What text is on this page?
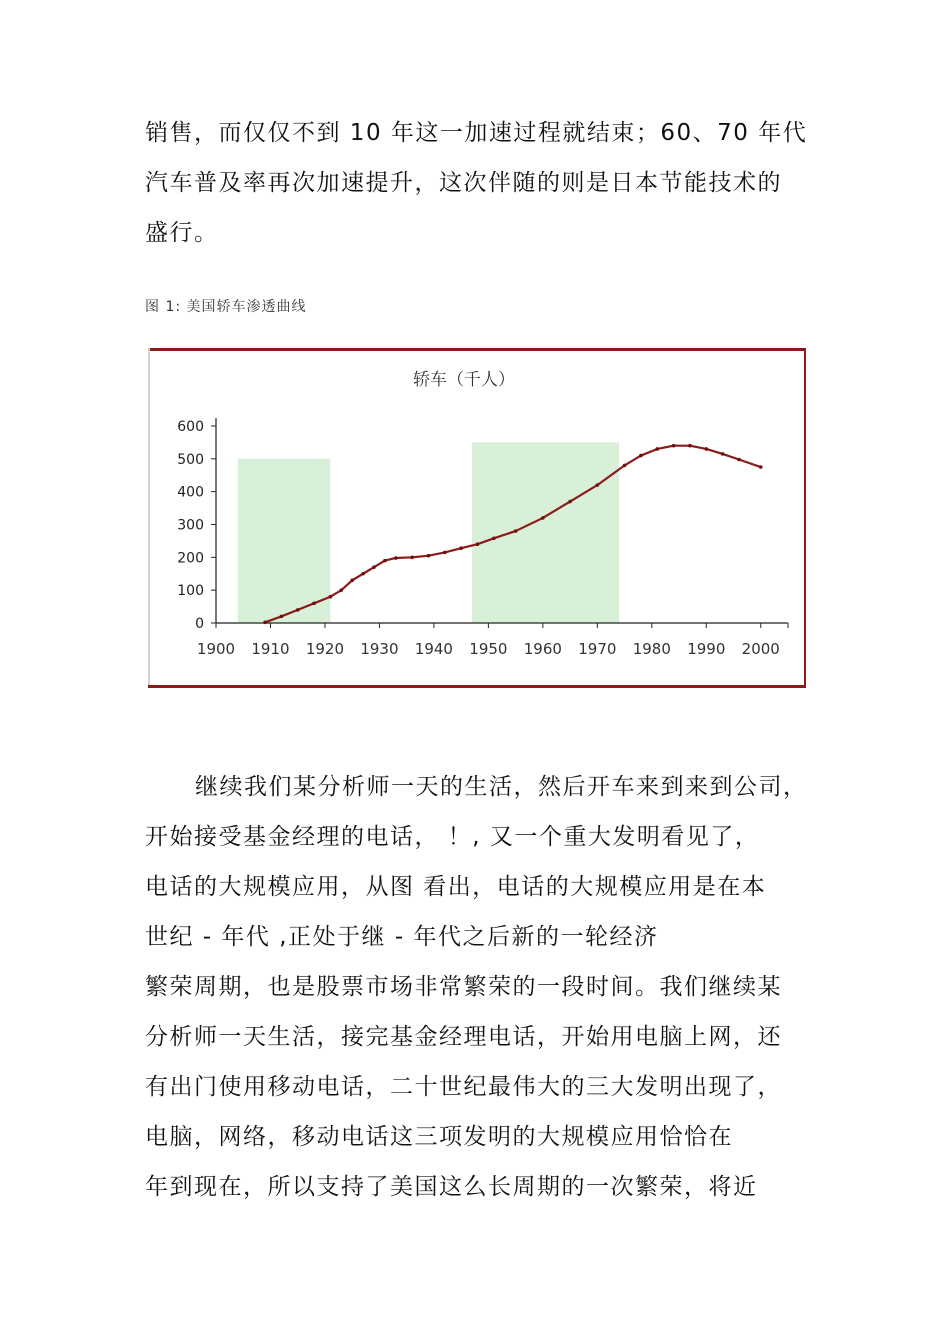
销售，而仅仅不到 10 年这一加速过程就结束；60、70 年代
汽车普及率再次加速提升，这次伴随的则是日本节能技术的
盛行。
图 1: 美国轿车渗透曲线
轿车（千人）
600
500
400
300
200
100
0
1900 1910 1920 1930 1940 1950 1960 1970 1980 1990 2000
继续我们某分析师一天的生活，然后开车来到来到公司，
开始接受基金经理的电话， ！, 又一个重大发明看见了，
电话的大规模应用，从图 看出，电话的大规模应用是在本
世纪 - 年代 ,正处于继 - 年代之后新的一轮经济
繁荣周期，也是股票市场非常繁荣的一段时间。我们继续某
分析师一天生活，接完基金经理电话，开始用电脑上网，还
有出门使用移动电话，二十世纪最伟大的三大发明出现了，
电脑，网络，移动电话这三项发明的大规模应用恰恰在
年到现在，所以支持了美国这么长周期的一次繁荣，将近
